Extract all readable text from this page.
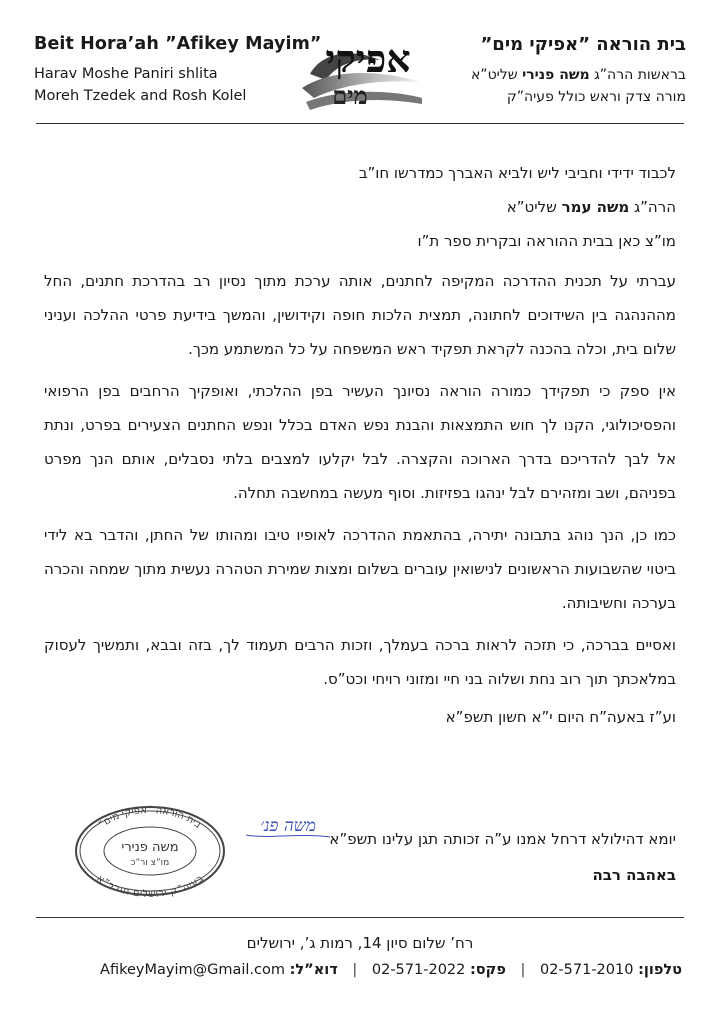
Beit Hora’ah ”Afikey Mayim”
Harav Moshe Paniri shlita
Moreh Tzedek and Rosh Kolel
אפיקי
מים
בית הוראה ”אפיקי מים”
בראשות הרה”ג משה פנירי שליט”א
מורה צדק וראש כולל פעיה”ק
לכבוד ידידי וחביבי ליש ולביא האברך כמדרשו חו”ב
הרה”ג משה עמר שליט”א
מו”צ כאן בבית ההוראה ובקרית ספר ת”ו
עברתי על תכנית ההדרכה המקיפה לחתנים, אותה ערכת מתוך נסיון רב בהדרכת חתנים, החל מההנהגה בין השידוכים לחתונה, תמצית הלכות חופה וקידושין, והמשך בידיעת פרטי ההלכה ועניני שלום בית, וכלה בהכנה לקראת תפקיד ראש המשפחה על כל המשתמע מכך.
אין ספק כי תפקידך כמורה הוראה נסיונך העשיר בפן ההלכתי, ואופקיך הרחבים בפן הרפואי והפסיכולוגי, הקנו לך חוש התמצאות והבנת נפש האדם בכלל ונפש החתנים הצעירים בפרט, ונתת אל לבך להדריכם בדרך הארוכה והקצרה. לבל יקלעו למצבים בלתי נסבלים, אותם הנך מפרט בפניהם, ושב ומזהירם לבל ינהגו בפזיזות. וסוף מעשה במחשבה תחלה.
כמו כן, הנך נוהג בתבונה יתירה, בהתאמת ההדרכה לאופיו טיבו ומהותו של החתן, והדבר בא לידי ביטוי שהשבועות הראשונים לנישואין עוברים בשלום ומצות שמירת הטהרה נעשית מתוך שמחה והכרה בערכה וחשיבותה.
ואסיים בברכה, כי תזכה לראות ברכה בעמלך, וזכות הרבים תעמוד לך, בזה ובבא, ותמשיך לעסוק במלאכתך תוך רוב נחת ושלוה בני חיי ומזוני רויחי וכט”ס.
וע”ז באעה”ח היום י”א חשון תשפ”א
יומא דהילולא דרחל אמנו ע”ה זכותה תגן עלינו תשפ”א
באהבה רבה
משה פנ׳
בית הוראה ”אפיקי מים”
בעיה”ק ירושלים תובב”א
משה פנירי
מו”צ ור”כ
רח’ שלום סיון 14, רמות ג’, ירושלים
טלפון: 02-571-2010 | פקס: 02-571-2022 | דוא”ל: AfikeyMayim@Gmail.com
